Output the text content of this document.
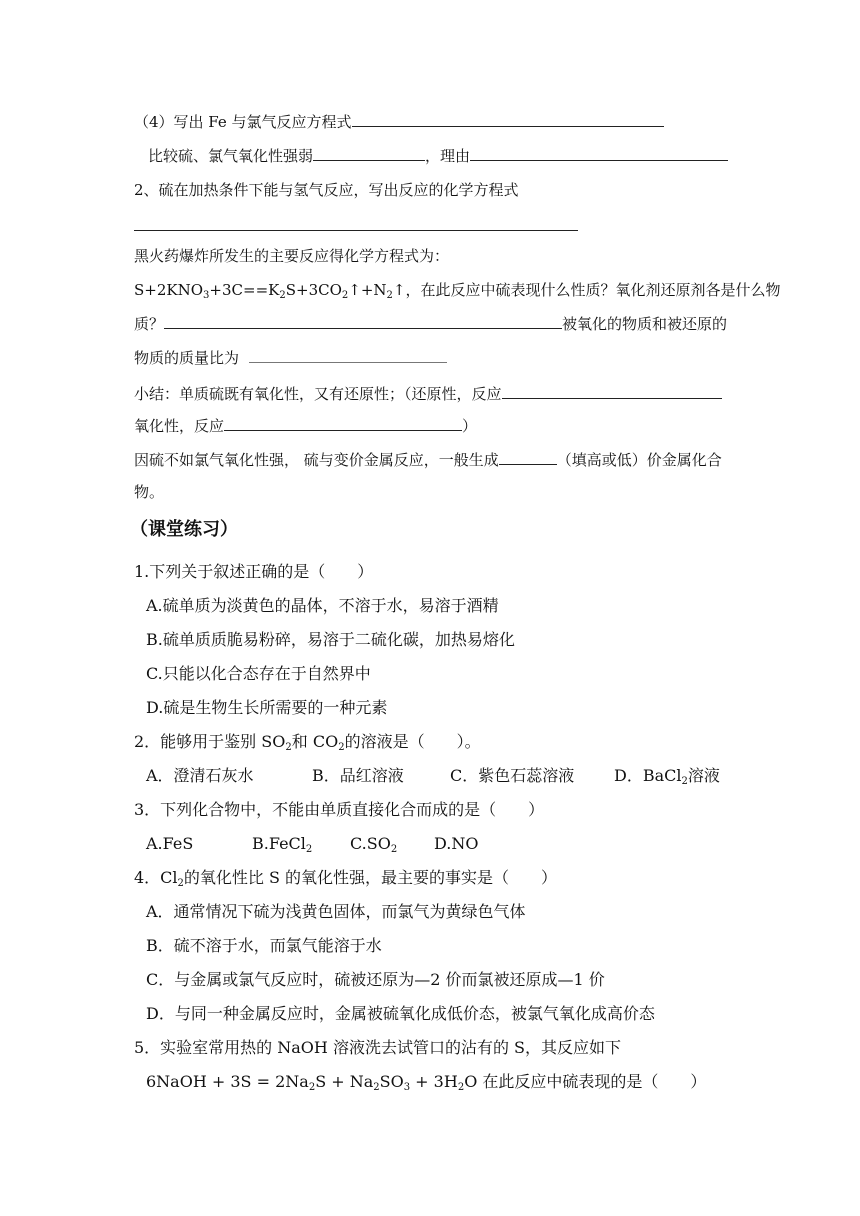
（4）写出 Fe 与氯气反应方程式
比较硫、氯气氧化性强弱	，理由
2、硫在加热条件下能与氢气反应，写出反应的化学方程式
黑火药爆炸所发生的主要反应得化学方程式为：
$S+2KNO_3+3C==K_2S+3CO_2↑+N_2↑$，在此反应中硫表现什么性质？氧化剂还原剂各是什么物
质？	被氧化的物质和被还原的
物质的质量比为
小结：单质硫既有氧化性，又有还原性；（还原性，反应
氧化性，反应	）
因硫不如氯气氧化性强， 硫与变价金属反应，一般生成	（填高或低）价金属化合
物。
（课堂练习）
1.下列关于叙述正确的是（　　）
A.硫单质为淡黄色的晶体，不溶于水，易溶于酒精
B.硫单质质脆易粉碎，易溶于二硫化碳，加热易熔化
C.只能以化合态存在于自然界中
D.硫是生物生长所需要的一种元素
2．能够用于鉴别 $SO_2$和 $CO_2$的溶液是（　　）。
A．澄清石灰水	B．品红溶液	C．紫色石蕊溶液 D．BaCl$_2$溶液
3．下列化合物中，不能由单质直接化合而成的是（　　）
A.FeS	B.FeCl$_2$ $C.SO_2$ D.NO
4．$Cl_2$的氧化性比 S 的氧化性强，最主要的事实是（　　）
A．通常情况下硫为浅黄色固体，而氯气为黄绿色气体
B．硫不溶于水，而氯气能溶于水
C．与金属或氯气反应时，硫被还原为—2 价而氯被还原成—1 价
D．与同一种金属反应时，金属被硫氧化成低价态，被氯气氧化成高价态
5．实验室常用热的 NaOH 溶液洗去试管口的沾有的 S，其反应如下
6NaOH + $3S = 2Na_2S + Na_2SO_3 + 3H_2O$ 在此反应中硫表现的是（　　）
